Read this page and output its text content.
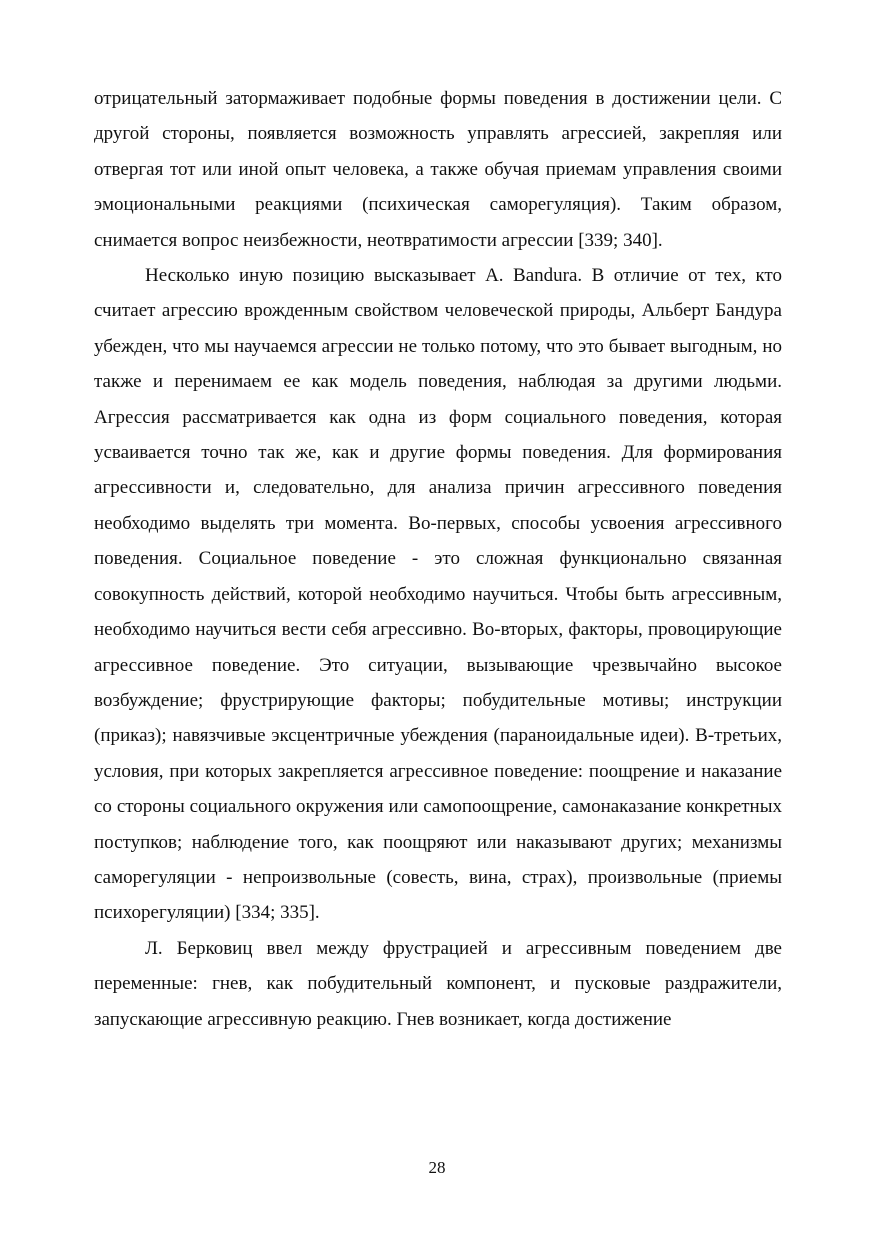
отрицательный затормаживает подобные формы поведения в достижении цели. С другой стороны, появляется возможность управлять агрессией, закрепляя или отвергая тот или иной опыт человека, а также обучая приемам управления своими эмоциональными реакциями (психическая саморегуляция). Таким образом, снимается вопрос неизбежности, неотвратимости агрессии [339; 340].

Несколько иную позицию высказывает A. Bandura. В отличие от тех, кто считает агрессию врожденным свойством человеческой природы, Альберт Бандура убежден, что мы научаемся агрессии не только потому, что это бывает выгодным, но также и перенимаем ее как модель поведения, наблюдая за другими людьми. Агрессия рассматривается как одна из форм социального поведения, которая усваивается точно так же, как и другие формы поведения. Для формирования агрессивности и, следовательно, для анализа причин агрессивного поведения необходимо выделять три момента. Во-первых, способы усвоения агрессивного поведения. Социальное поведение - это сложная функционально связанная совокупность действий, которой необходимо научиться. Чтобы быть агрессивным, необходимо научиться вести себя агрессивно. Во-вторых, факторы, провоцирующие агрессивное поведение. Это ситуации, вызывающие чрезвычайно высокое возбуждение; фрустрирующие факторы; побудительные мотивы; инструкции (приказ); навязчивые эксцентричные убеждения (параноидальные идеи). В-третьих, условия, при которых закрепляется агрессивное поведение: поощрение и наказание со стороны социального окружения или самопоощрение, самонаказание конкретных поступков; наблюдение того, как поощряют или наказывают других; механизмы саморегуляции - непроизвольные (совесть, вина, страх), произвольные (приемы психорегуляции) [334; 335].

Л. Берковиц ввел между фрустрацией и агрессивным поведением две переменные: гнев, как побудительный компонент, и пусковые раздражители, запускающие агрессивную реакцию. Гнев возникает, когда достижение

28
